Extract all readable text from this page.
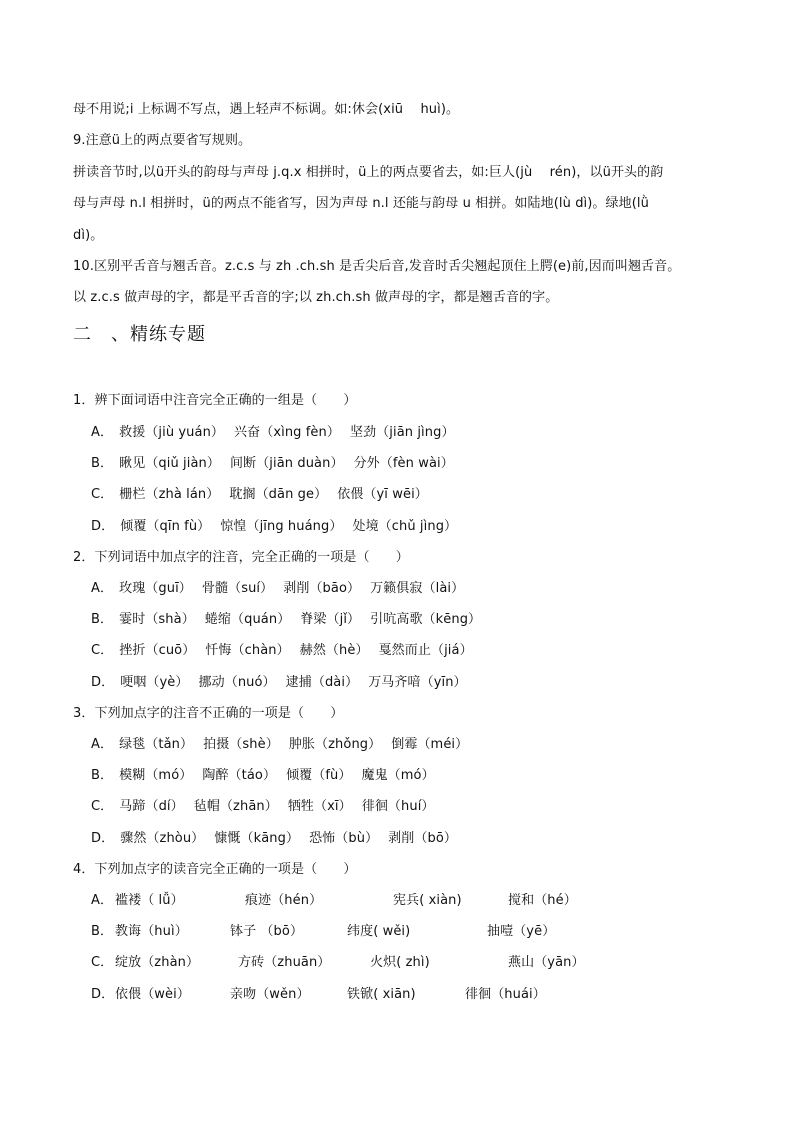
母不用说;i 上标调不写点，遇上轻声不标调。如:休会(xiū　 huì)。
9.注意ü上的两点要省写规则。
拼读音节时,以ü开头的韵母与声母 j.q.x 相拼时，ü上的两点要省去，如:巨人(jù　 rén)，以ü开头的韵
母与声母 n.l 相拼时，ü的两点不能省写，因为声母 n.l 还能与韵母 u 相拼。如陆地(lù dì)。绿地(lǜ
dì)。
10.区别平舌音与翘舌音。z.c.s 与 zh .ch.sh 是舌尖后音,发音时舌尖翘起顶住上腭(e)前,因而叫翘舌音。
以 z.c.s 做声母的字，都是平舌音的字;以 zh.ch.sh 做声母的字，都是翘舌音的字。
二　、精练专题
1．辨下面词语中注音完全正确的一组是（　　）
A． 救援（jiù yuán） 兴奋（xìng fèn） 坚劲（jiān jìng）
B． 瞅见（qiǔ jiàn） 间断（jiān duàn） 分外（fèn wài）
C． 栅栏（zhà lán） 耽搁（dān ge） 依偎（yī wēi）
D． 倾覆（qīn fù） 惊惶（jīng huáng） 处境（chǔ jìng）
2．下列词语中加点字的注音，完全正确的一项是（　　）
A． 玫瑰（guī） 骨髓（suí） 剥削（bāo） 万籁俱寂（lài）
B． 霎时（shà） 蜷缩（quán） 脊梁（jǐ） 引吭高歌（kēng）
C． 挫折（cuō） 忏悔（chàn） 赫然（hè） 戛然而止（jiá）
D． 哽咽（yè） 挪动（nuó） 逮捕（dài） 万马齐喑（yīn）
3．下列加点字的注音不正确的一项是（　　）
A． 绿毯（tǎn） 拍摄（shè） 肿胀（zhǒng） 倒霉（méi）
B． 模糊（mó） 陶醉（táo） 倾覆（fù） 魔鬼（mó）
C． 马蹄（dí） 毡帽（zhān） 牺牲（xī） 徘徊（huí）
D． 骤然（zhòu） 慷慨（kāng） 恐怖（bù） 剥削（bō）
4．下列加点字的读音完全正确的一项是（　　）
A． 褴褛（ lǚ）	痕迹（hén）	宪兵( xiàn)	搅和（hé）
B． 教诲（huì）	钵子 （bō）	纬度( wěi)	抽噎（yē）
C． 绽放（zhàn）	方砖（zhuān）	火炽( zhì)	燕山（yān）
D． 依偎（wèi）	亲吻（wěn）	铁锨( xiān)	徘徊（huái）
